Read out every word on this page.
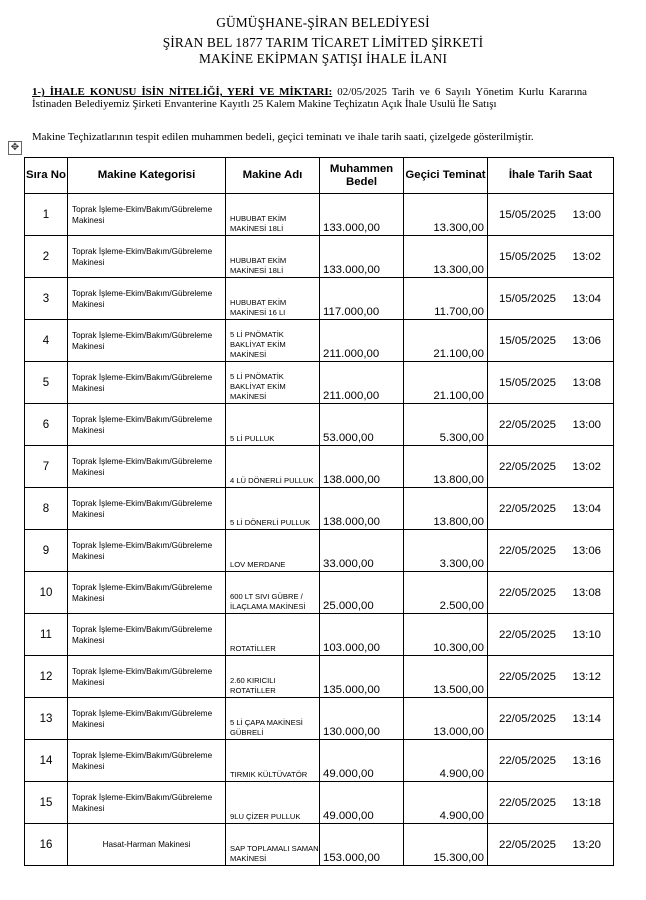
GÜMÜŞHANE-ŞİRAN BELEDİYESİ
ŞİRAN BEL 1877 TARIM TİCARET LİMİTED ŞİRKETİ
MAKİNE EKİPMAN ŞATIŞI İHALE İLANI
1-) İHALE KONUSU İSİN NİTELİĞİ, YERİ VE MİKTARI: 02/05/2025 Tarih ve 6 Sayılı Yönetim Kurlu Kararına İstinaden Belediyemiz Şirketi Envanterine Kayıtlı 25 Kalem Makine Teçhizatın Açık İhale Usulü İle Satışı
Makine Teçhizatlarının tespit edilen muhammen bedeli, geçici teminatı ve ihale tarih saati, çizelgede gösterilmiştir.
✥
Sıra No	Makine Kategorisi	Makine Adı	Muhammen Bedel	Geçici Teminat	İhale Tarih Saat
1	Toprak İşleme-Ekim/Bakım/Gübreleme Makinesi	HUBUBAT EKİM MAKİNESİ 18Lİ	133.000,00	13.300,00	15/05/2025 13:00
2	Toprak İşleme-Ekim/Bakım/Gübreleme Makinesi	HUBUBAT EKİM MAKİNESİ 18Lİ	133.000,00	13.300,00	15/05/2025 13:02
3	Toprak İşleme-Ekim/Bakım/Gübreleme Makinesi	HUBUBAT EKİM MAKİNESİ 16 LI	117.000,00	11.700,00	15/05/2025 13:04
4	Toprak İşleme-Ekim/Bakım/Gübreleme Makinesi	5 Lİ PNÖMATİK BAKLİYAT EKİM MAKİNESİ	211.000,00	21.100,00	15/05/2025 13:06
5	Toprak İşleme-Ekim/Bakım/Gübreleme Makinesi	5 Lİ PNÖMATİK BAKLİYAT EKİM MAKİNESİ	211.000,00	21.100,00	15/05/2025 13:08
6	Toprak İşleme-Ekim/Bakım/Gübreleme Makinesi	5 Lİ PULLUK	53.000,00	5.300,00	22/05/2025 13:00
7	Toprak İşleme-Ekim/Bakım/Gübreleme Makinesi	4 LÜ DÖNERLİ PULLUK	138.000,00	13.800,00	22/05/2025 13:02
8	Toprak İşleme-Ekim/Bakım/Gübreleme Makinesi	5 Lİ DÖNERLİ PULLUK	138.000,00	13.800,00	22/05/2025 13:04
9	Toprak İşleme-Ekim/Bakım/Gübreleme Makinesi	LOV MERDANE	33.000,00	3.300,00	22/05/2025 13:06
10	Toprak İşleme-Ekim/Bakım/Gübreleme Makinesi	600 LT SIVI GÜBRE / İLAÇLAMA MAKİNESİ	25.000,00	2.500,00	22/05/2025 13:08
11	Toprak İşleme-Ekim/Bakım/Gübreleme Makinesi	ROTATİLLER	103.000,00	10.300,00	22/05/2025 13:10
12	Toprak İşleme-Ekim/Bakım/Gübreleme Makinesi	2.60 KIRICILI ROTATİLLER	135.000,00	13.500,00	22/05/2025 13:12
13	Toprak İşleme-Ekim/Bakım/Gübreleme Makinesi	5 Lİ ÇAPA MAKİNESİ GÜBRELİ	130.000,00	13.000,00	22/05/2025 13:14
14	Toprak İşleme-Ekim/Bakım/Gübreleme Makinesi	TIRMIK KÜLTÜVATÖR	49.000,00	4.900,00	22/05/2025 13:16
15	Toprak İşleme-Ekim/Bakım/Gübreleme Makinesi	9LU ÇİZER PULLUK	49.000,00	4.900,00	22/05/2025 13:18
16	Hasat-Harman Makinesi	SAP TOPLAMALI SAMAN MAKİNESİ	153.000,00	15.300,00	22/05/2025 13:20
